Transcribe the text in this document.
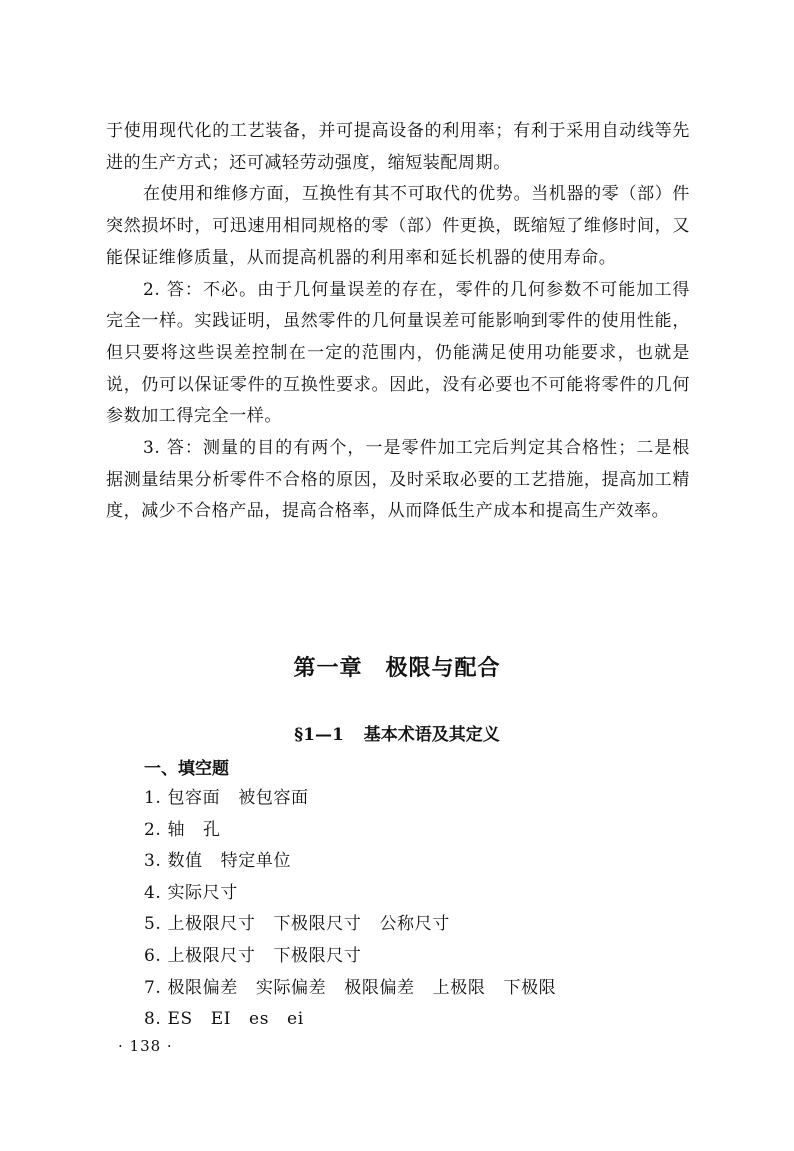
于使用现代化的工艺装备，并可提高设备的利用率；有利于采用自动线等先进的生产方式；还可减轻劳动强度，缩短装配周期。

在使用和维修方面，互换性有其不可取代的优势。当机器的零（部）件突然损坏时，可迅速用相同规格的零（部）件更换，既缩短了维修时间，又能保证维修质量，从而提高机器的利用率和延长机器的使用寿命。

2. 答：不必。由于几何量误差的存在，零件的几何参数不可能加工得完全一样。实践证明，虽然零件的几何量误差可能影响到零件的使用性能，但只要将这些误差控制在一定的范围内，仍能满足使用功能要求，也就是说，仍可以保证零件的互换性要求。因此，没有必要也不可能将零件的几何参数加工得完全一样。

3. 答：测量的目的有两个，一是零件加工完后判定其合格性；二是根据测量结果分析零件不合格的原因，及时采取必要的工艺措施，提高加工精度，减少不合格产品，提高合格率，从而降低生产成本和提高生产效率。

第一章　极限与配合
§1—1 基本术语及其定义
一、填空题

1. 包容面 被包容面

2. 轴 孔

3. 数值 特定单位

4. 实际尺寸

5. 上极限尺寸 下极限尺寸 公称尺寸

6. 上极限尺寸 下极限尺寸

7. 极限偏差 实际偏差 极限偏差 上极限 下极限

8. ES EI es ei

· 138 ·
